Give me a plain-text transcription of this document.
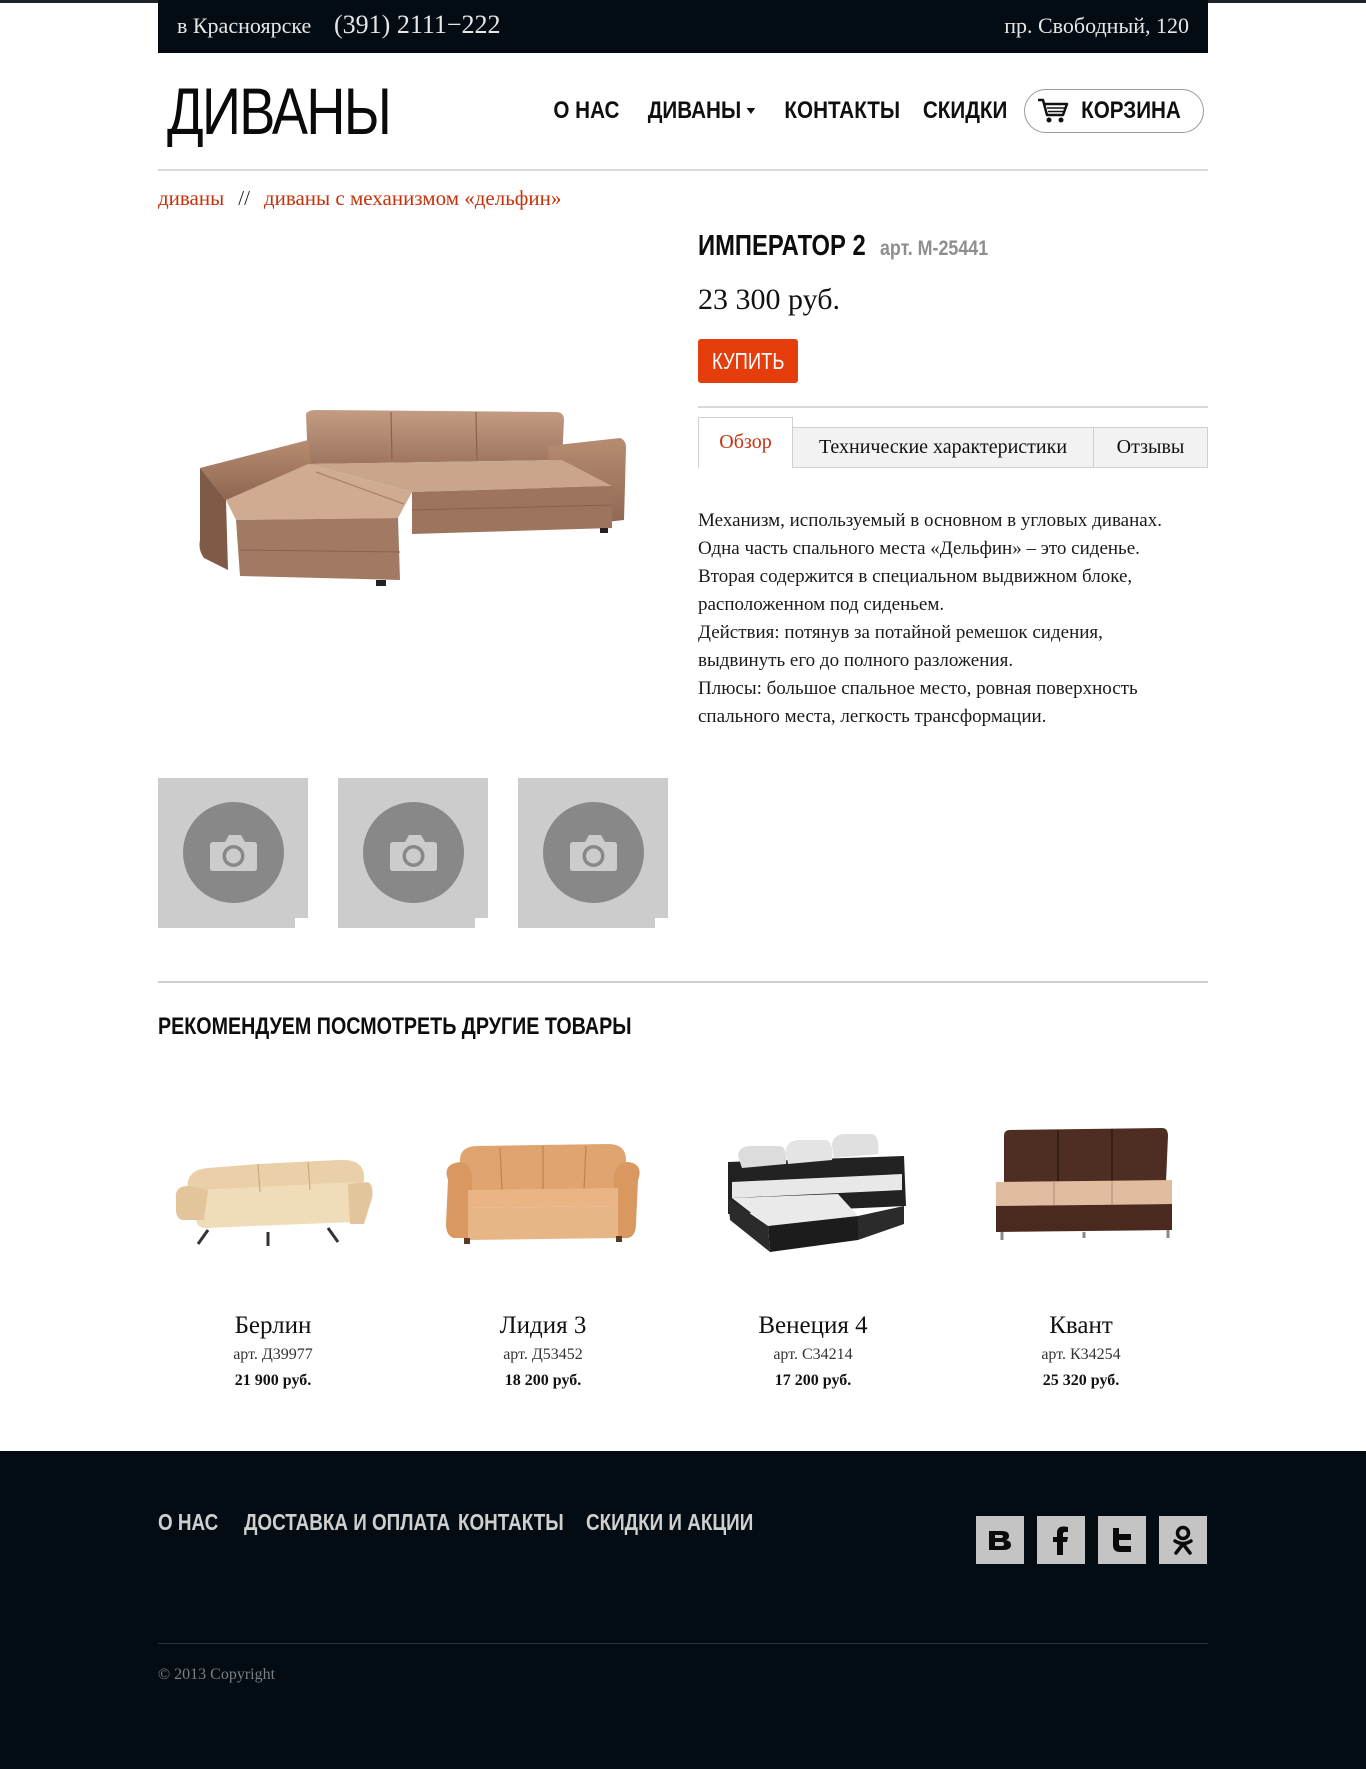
в Красноярске (391) 2111−222	пр. Свободный, 120
ДИВАНЫ	О НАС ДИВАНЫ КОНТАКТЫ СКИДКИ	КОРЗИНА
диваны // диваны с механизмом «дельфин»
ИМПЕРАТОР 2 арт. М-25441
23 300 руб.
КУПИТЬ
Обзор	Технические характеристики	Отзывы
Механизм, используемый в основном в угловых диванах.
Одна часть спального места «Дельфин» – это сиденье.
Вторая содержится в специальном выдвижном блоке,
расположенном под сиденьем.
Действия: потянув за потайной ремешок сидения,
выдвинуть его до полного разложения.
Плюсы: большое спальное место, ровная поверхность
спального места, легкость трансформации.
РЕКОМЕНДУЕМ ПОСМОТРЕТЬ ДРУГИЕ ТОВАРЫ
Берлин
арт. Д39977
21 900 руб.
Лидия 3
арт. Д53452
18 200 руб.
Венеция 4
арт. С34214
17 200 руб.
Квант
арт. К34254
25 320 руб.
О НАС	ДОСТАВКА И ОПЛАТА КОНТАКТЫ СКИДКИ И АКЦИИ
© 2013 Copyright
